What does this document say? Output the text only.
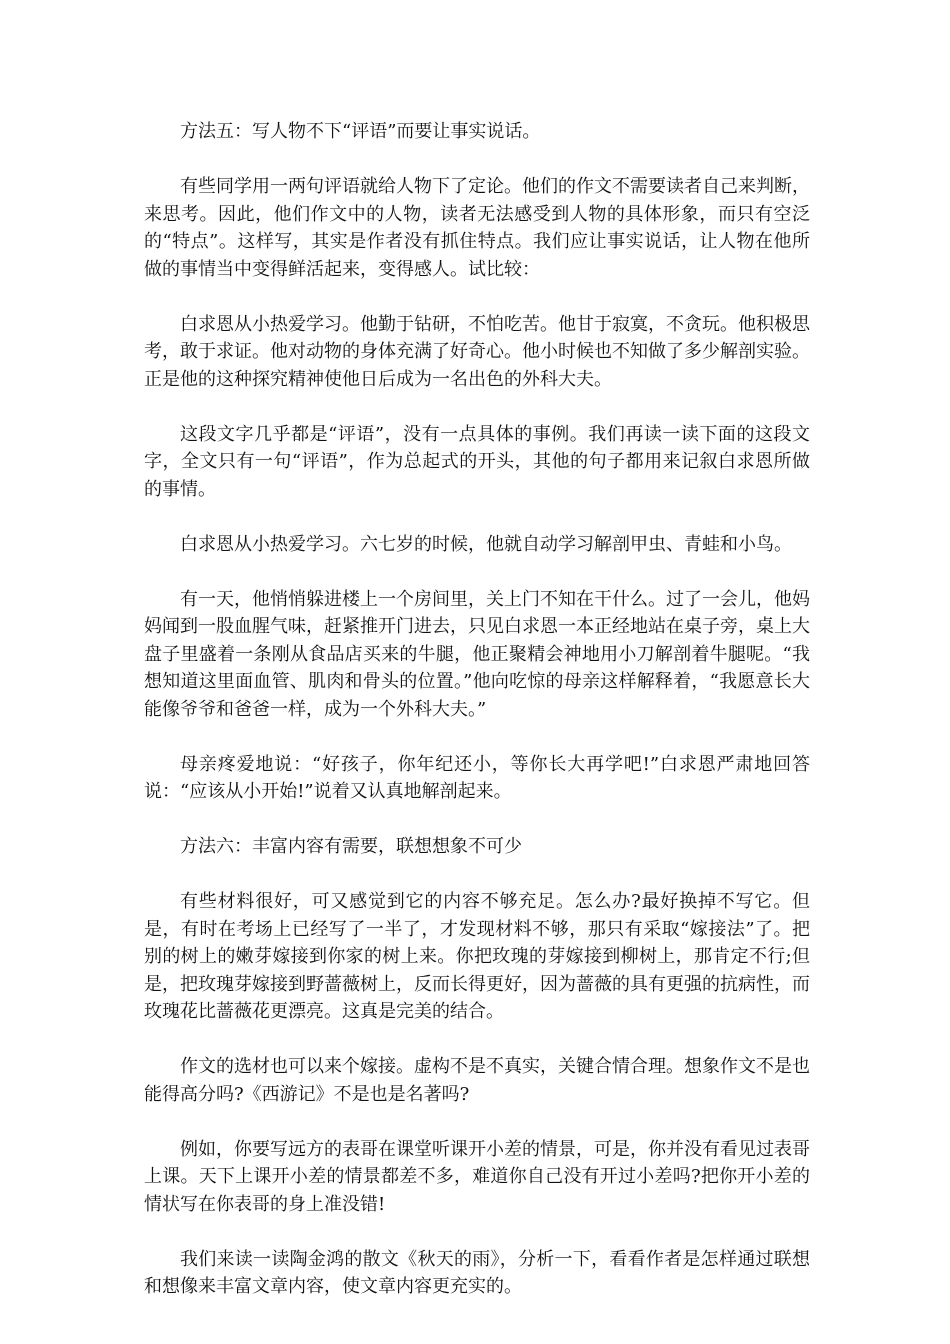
方法五：写人物不下“评语”而要让事实说话。

有些同学用一两句评语就给人物下了定论。他们的作文不需要读者自己来判断，来思考。因此，他们作文中的人物，读者无法感受到人物的具体形象，而只有空泛的“特点”。这样写，其实是作者没有抓住特点。我们应让事实说话，让人物在他所做的事情当中变得鲜活起来，变得感人。试比较：

白求恩从小热爱学习。他勤于钻研，不怕吃苦。他甘于寂寞，不贪玩。他积极思考，敢于求证。他对动物的身体充满了好奇心。他小时候也不知做了多少解剖实验。正是他的这种探究精神使他日后成为一名出色的外科大夫。

这段文字几乎都是“评语”，没有一点具体的事例。我们再读一读下面的这段文字，全文只有一句“评语”，作为总起式的开头，其他的句子都用来记叙白求恩所做的事情。

白求恩从小热爱学习。六七岁的时候，他就自动学习解剖甲虫、青蛙和小鸟。

有一天，他悄悄躲进楼上一个房间里，关上门不知在干什么。过了一会儿，他妈妈闻到一股血腥气味，赶紧推开门进去，只见白求恩一本正经地站在桌子旁，桌上大盘子里盛着一条刚从食品店买来的牛腿，他正聚精会神地用小刀解剖着牛腿呢。“我想知道这里面血管、肌肉和骨头的位置。”他向吃惊的母亲这样解释着，“我愿意长大能像爷爷和爸爸一样，成为一个外科大夫。”

母亲疼爱地说：“好孩子，你年纪还小，等你长大再学吧!”白求恩严肃地回答说：“应该从小开始!”说着又认真地解剖起来。

方法六：丰富内容有需要，联想想象不可少

有些材料很好，可又感觉到它的内容不够充足。怎么办?最好换掉不写它。但是，有时在考场上已经写了一半了，才发现材料不够，那只有采取“嫁接法”了。把别的树上的嫩芽嫁接到你家的树上来。你把玫瑰的芽嫁接到柳树上，那肯定不行;但是，把玫瑰芽嫁接到野蔷薇树上，反而长得更好，因为蔷薇的具有更强的抗病性，而玫瑰花比蔷薇花更漂亮。这真是完美的结合。

作文的选材也可以来个嫁接。虚构不是不真实，关键合情合理。想象作文不是也能得高分吗?《西游记》不是也是名著吗?

例如，你要写远方的表哥在课堂听课开小差的情景，可是，你并没有看见过表哥上课。天下上课开小差的情景都差不多，难道你自己没有开过小差吗?把你开小差的情状写在你表哥的身上准没错!

我们来读一读陶金鸿的散文《秋天的雨》，分析一下，看看作者是怎样通过联想和想像来丰富文章内容，使文章内容更充实的。
